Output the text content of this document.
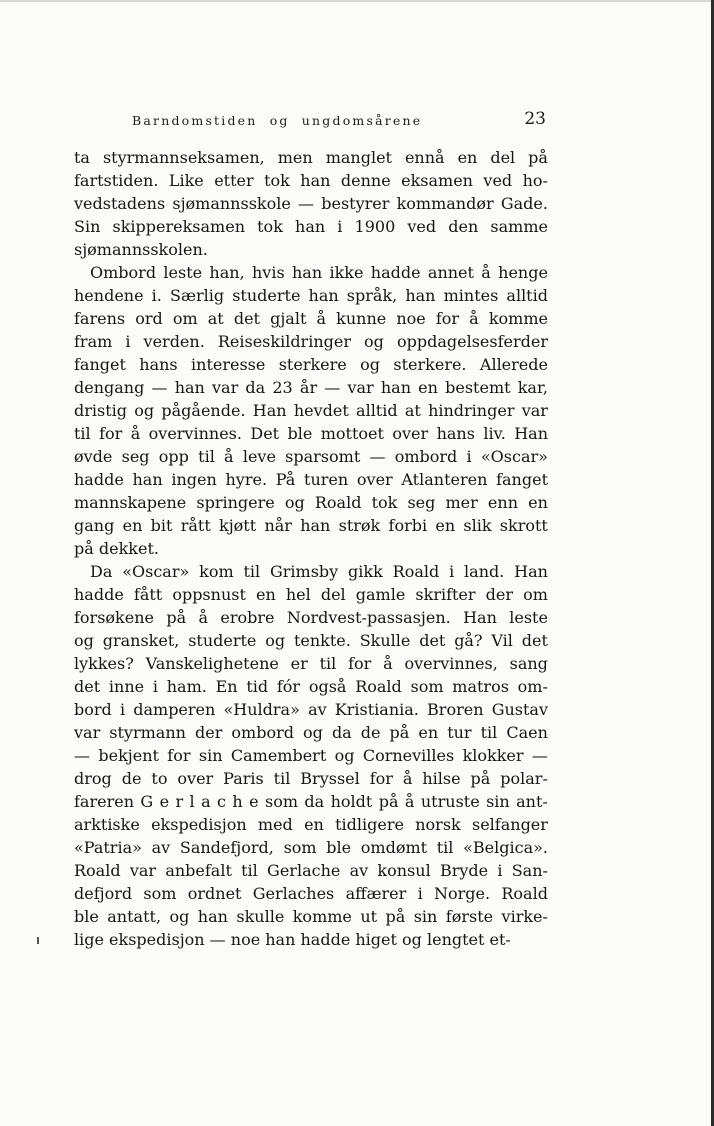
Barndomstiden og ungdomsårene	23
ta styrmannseksamen, men manglet ennå en del på
fartstiden. Like etter tok han denne eksamen ved ho-
vedstadens sjømannsskole — bestyrer kommandør Gade.
Sin skippereksamen tok han i 1900 ved den samme
sjømannsskolen.
Ombord leste han, hvis han ikke hadde annet å henge
hendene i. Særlig studerte han språk, han mintes alltid
farens ord om at det gjalt å kunne noe for å komme
fram i verden. Reiseskildringer og oppdagelsesferder
fanget hans interesse sterkere og sterkere. Allerede
dengang — han var da 23 år — var han en bestemt kar,
dristig og pågående. Han hevdet alltid at hindringer var
til for å overvinnes. Det ble mottoet over hans liv. Han
øvde seg opp til å leve sparsomt — ombord i «Oscar»
hadde han ingen hyre. På turen over Atlanteren fanget
mannskapene springere og Roald tok seg mer enn en
gang en bit rått kjøtt når han strøk forbi en slik skrott
på dekket.
Da «Oscar» kom til Grimsby gikk Roald i land. Han
hadde fått oppsnust en hel del gamle skrifter der om
forsøkene på å erobre Nordvest-passasjen. Han leste
og gransket, studerte og tenkte. Skulle det gå? Vil det
lykkes? Vanskelighetene er til for å overvinnes, sang
det inne i ham. En tid fór også Roald som matros om-
bord i damperen «Huldra» av Kristiania. Broren Gustav
var styrmann der ombord og da de på en tur til Caen
— bekjent for sin Camembert og Cornevilles klokker —
drog de to over Paris til Bryssel for å hilse på polar-
fareren G e r l a c h e som da holdt på å utruste sin ant-
arktiske ekspedisjon med en tidligere norsk selfanger
«Patria» av Sandefjord, som ble omdømt til «Belgica».
Roald var anbefalt til Gerlache av konsul Bryde i San-
defjord som ordnet Gerlaches affærer i Norge. Roald
ble antatt, og han skulle komme ut på sin første virke-
lige ekspedisjon — noe han hadde higet og lengtet et-
